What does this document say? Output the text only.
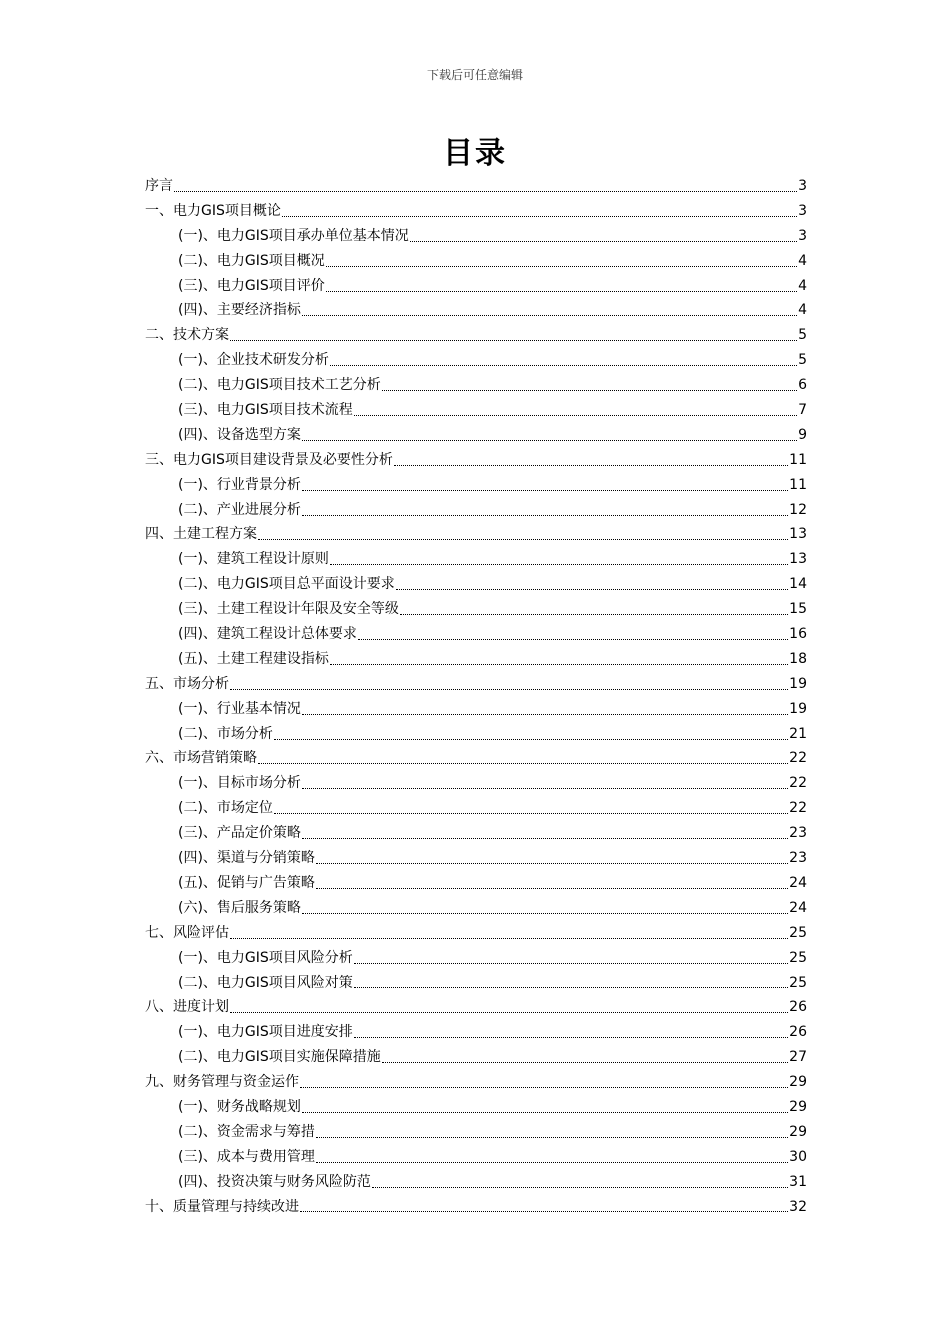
下载后可任意编辑
目录
序言	3
一、电力GIS项目概论	3
(一)、电力GIS项目承办单位基本情况	3
(二)、电力GIS项目概况	4
(三)、电力GIS项目评价	4
(四)、主要经济指标	4
二、技术方案	5
(一)、企业技术研发分析	5
(二)、电力GIS项目技术工艺分析	6
(三)、电力GIS项目技术流程	7
(四)、设备选型方案	9
三、电力GIS项目建设背景及必要性分析	11
(一)、行业背景分析	11
(二)、产业进展分析	12
四、土建工程方案	13
(一)、建筑工程设计原则	13
(二)、电力GIS项目总平面设计要求	14
(三)、土建工程设计年限及安全等级	15
(四)、建筑工程设计总体要求	16
(五)、土建工程建设指标	18
五、市场分析	19
(一)、行业基本情况	19
(二)、市场分析	21
六、市场营销策略	22
(一)、目标市场分析	22
(二)、市场定位	22
(三)、产品定价策略	23
(四)、渠道与分销策略	23
(五)、促销与广告策略	24
(六)、售后服务策略	24
七、风险评估	25
(一)、电力GIS项目风险分析	25
(二)、电力GIS项目风险对策	25
八、进度计划	26
(一)、电力GIS项目进度安排	26
(二)、电力GIS项目实施保障措施	27
九、财务管理与资金运作	29
(一)、财务战略规划	29
(二)、资金需求与筹措	29
(三)、成本与费用管理	30
(四)、投资决策与财务风险防范	31
十、质量管理与持续改进	32
